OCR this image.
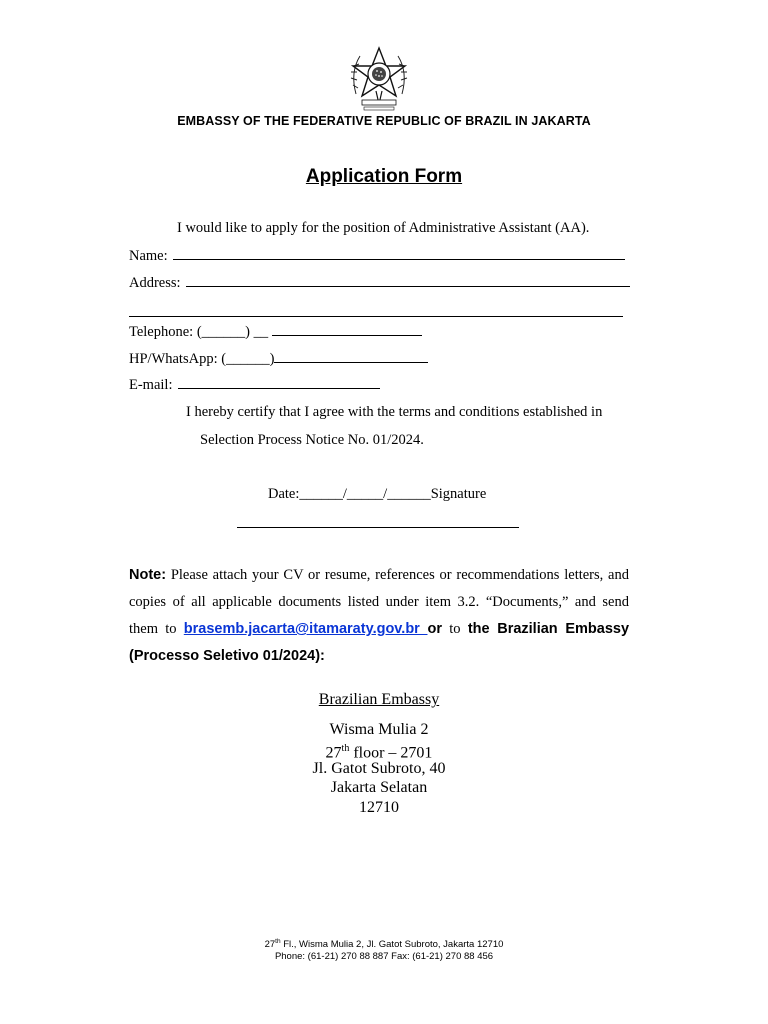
EMBASSY OF THE FEDERATIVE REPUBLIC OF BRAZIL IN JAKARTA
Application Form
I would like to apply for the position of Administrative Assistant (AA).
Name:
Address:
Telephone: (______) __
HP/WhatsApp: (______)
E-mail:
I hereby certify that I agree with the terms and conditions established in
Selection Process Notice No. 01/2024.
Date:______/_____/______Signature
Note: Please attach your CV or resume, references or recommendations letters, and copies of all applicable documents listed under item 3.2. “Documents,” and send them to brasemb.jacarta@itamaraty.gov.br or to the Brazilian Embassy (Processo Seletivo 01/2024):
Brazilian Embassy
Wisma Mulia 2
27th floor – 2701
Jl. Gatot Subroto, 40
Jakarta Selatan
12710
27th Fl., Wisma Mulia 2, Jl. Gatot Subroto, Jakarta 12710
Phone: (61-21) 270 88 887 Fax: (61-21) 270 88 456
